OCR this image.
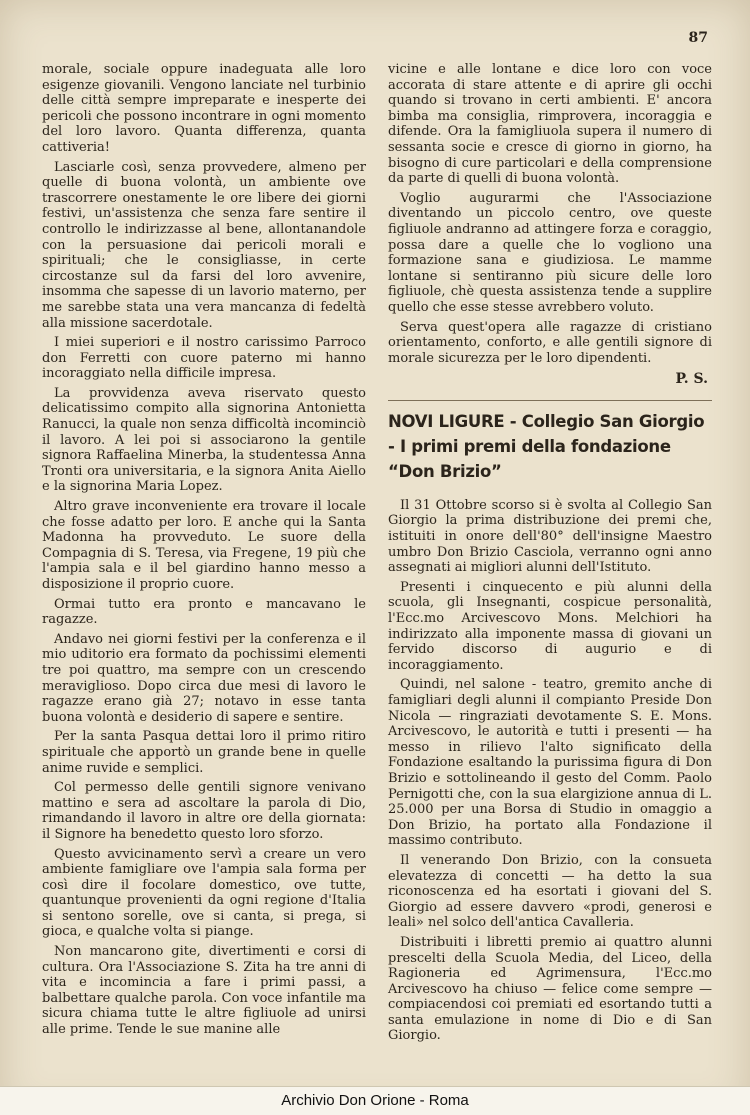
87

morale, sociale oppure inadeguata alle loro esigenze giovanili. Vengono lanciate nel turbinio delle città sempre impreparate e inesperte dei pericoli che possono incontrare in ogni momento del loro lavoro. Quanta differenza, quanta cattiveria!

Lasciarle così, senza provvedere, almeno per quelle di buona volontà, un ambiente ove trascorrere onestamente le ore libere dei giorni festivi, un'assistenza che senza fare sentire il controllo le indirizzasse al bene, allontanandole con la persuasione dai pericoli morali e spirituali; che le consigliasse, in certe circostanze sul da farsi del loro avvenire, insomma che sapesse di un lavorio materno, per me sarebbe stata una vera mancanza di fedeltà alla missione sacerdotale.

I miei superiori e il nostro carissimo Parroco don Ferretti con cuore paterno mi hanno incoraggiato nella difficile impresa.

La provvidenza aveva riservato questo delicatissimo compito alla signorina Antonietta Ranucci, la quale non senza difficoltà incominciò il lavoro. A lei poi si associarono la gentile signora Raffaelina Minerba, la studentessa Anna Tronti ora universitaria, e la signora Anita Aiello e la signorina Maria Lopez.

Altro grave inconveniente era trovare il locale che fosse adatto per loro. E anche qui la Santa Madonna ha provveduto. Le suore della Compagnia di S. Teresa, via Fregene, 19 più che l'ampia sala e il bel giardino hanno messo a disposizione il proprio cuore.

Ormai tutto era pronto e mancavano le ragazze.

Andavo nei giorni festivi per la conferenza e il mio uditorio era formato da pochissimi elementi tre poi quattro, ma sempre con un crescendo meraviglioso. Dopo circa due mesi di lavoro le ragazze erano già 27; notavo in esse tanta buona volontà e desiderio di sapere e sentire.

Per la santa Pasqua dettai loro il primo ritiro spirituale che apportò un grande bene in quelle anime ruvide e semplici.

Col permesso delle gentili signore venivano mattino e sera ad ascoltare la parola di Dio, rimandando il lavoro in altre ore della giornata: il Signore ha benedetto questo loro sforzo.

Questo avvicinamento servì a creare un vero ambiente famigliare ove l'ampia sala forma per così dire il focolare domestico, ove tutte, quantunque provenienti da ogni regione d'Italia si sentono sorelle, ove si canta, si prega, si gioca, e qualche volta si piange.

Non mancarono gite, divertimenti e corsi di cultura. Ora l'Associazione S. Zita ha tre anni di vita e incomincia a fare i primi passi, a balbettare qualche parola. Con voce infantile ma sicura chiama tutte le altre figliuole ad unirsi alle prime. Tende le sue manine alle

vicine e alle lontane e dice loro con voce accorata di stare attente e di aprire gli occhi quando si trovano in certi ambienti. E' ancora bimba ma consiglia, rimprovera, incoraggia e difende. Ora la famigliuola supera il numero di sessanta socie e cresce di giorno in giorno, ha bisogno di cure particolari e della comprensione da parte di quelli di buona volontà.

Voglio augurarmi che l'Associazione diventando un piccolo centro, ove queste figliuole andranno ad attingere forza e coraggio, possa dare a quelle che lo vogliono una formazione sana e giudiziosa. Le mamme lontane si sentiranno più sicure delle loro figliuole, chè questa assistenza tende a supplire quello che esse stesse avrebbero voluto.

Serva quest'opera alle ragazze di cristiano orientamento, conforto, e alle gentili signore di morale sicurezza per le loro dipendenti.

P. S.
NOVI LIGURE - Collegio San Giorgio - I primi premi della fondazione “Don Brizio”

Il 31 Ottobre scorso si è svolta al Collegio San Giorgio la prima distribuzione dei premi che, istituiti in onore dell'80° dell'insigne Maestro umbro Don Brizio Casciola, verranno ogni anno assegnati ai migliori alunni dell'Istituto.

Presenti i cinquecento e più alunni della scuola, gli Insegnanti, cospicue personalità, l'Ecc.mo Arcivescovo Mons. Melchiori ha indirizzato alla imponente massa di giovani un fervido discorso di augurio e di incoraggiamento.

Quindi, nel salone - teatro, gremito anche di famigliari degli alunni il compianto Preside Don Nicola — ringraziati devotamente S. E. Mons. Arcivescovo, le autorità e tutti i presenti — ha messo in rilievo l'alto significato della Fondazione esaltando la purissima figura di Don Brizio e sottolineando il gesto del Comm. Paolo Pernigotti che, con la sua elargizione annua di L. 25.000 per una Borsa di Studio in omaggio a Don Brizio, ha portato alla Fondazione il massimo contributo.

Il venerando Don Brizio, con la consueta elevatezza di concetti — ha detto la sua riconoscenza ed ha esortati i giovani del S. Giorgio ad essere davvero «prodi, generosi e leali» nel solco dell'antica Cavalleria.

Distribuiti i libretti premio ai quattro alunni prescelti della Scuola Media, del Liceo, della Ragioneria ed Agrimensura, l'Ecc.mo Arcivescovo ha chiuso — felice come sempre — compiacendosi coi premiati ed esortando tutti a santa emulazione in nome di Dio e di San Giorgio.

Archivio Don Orione - Roma
